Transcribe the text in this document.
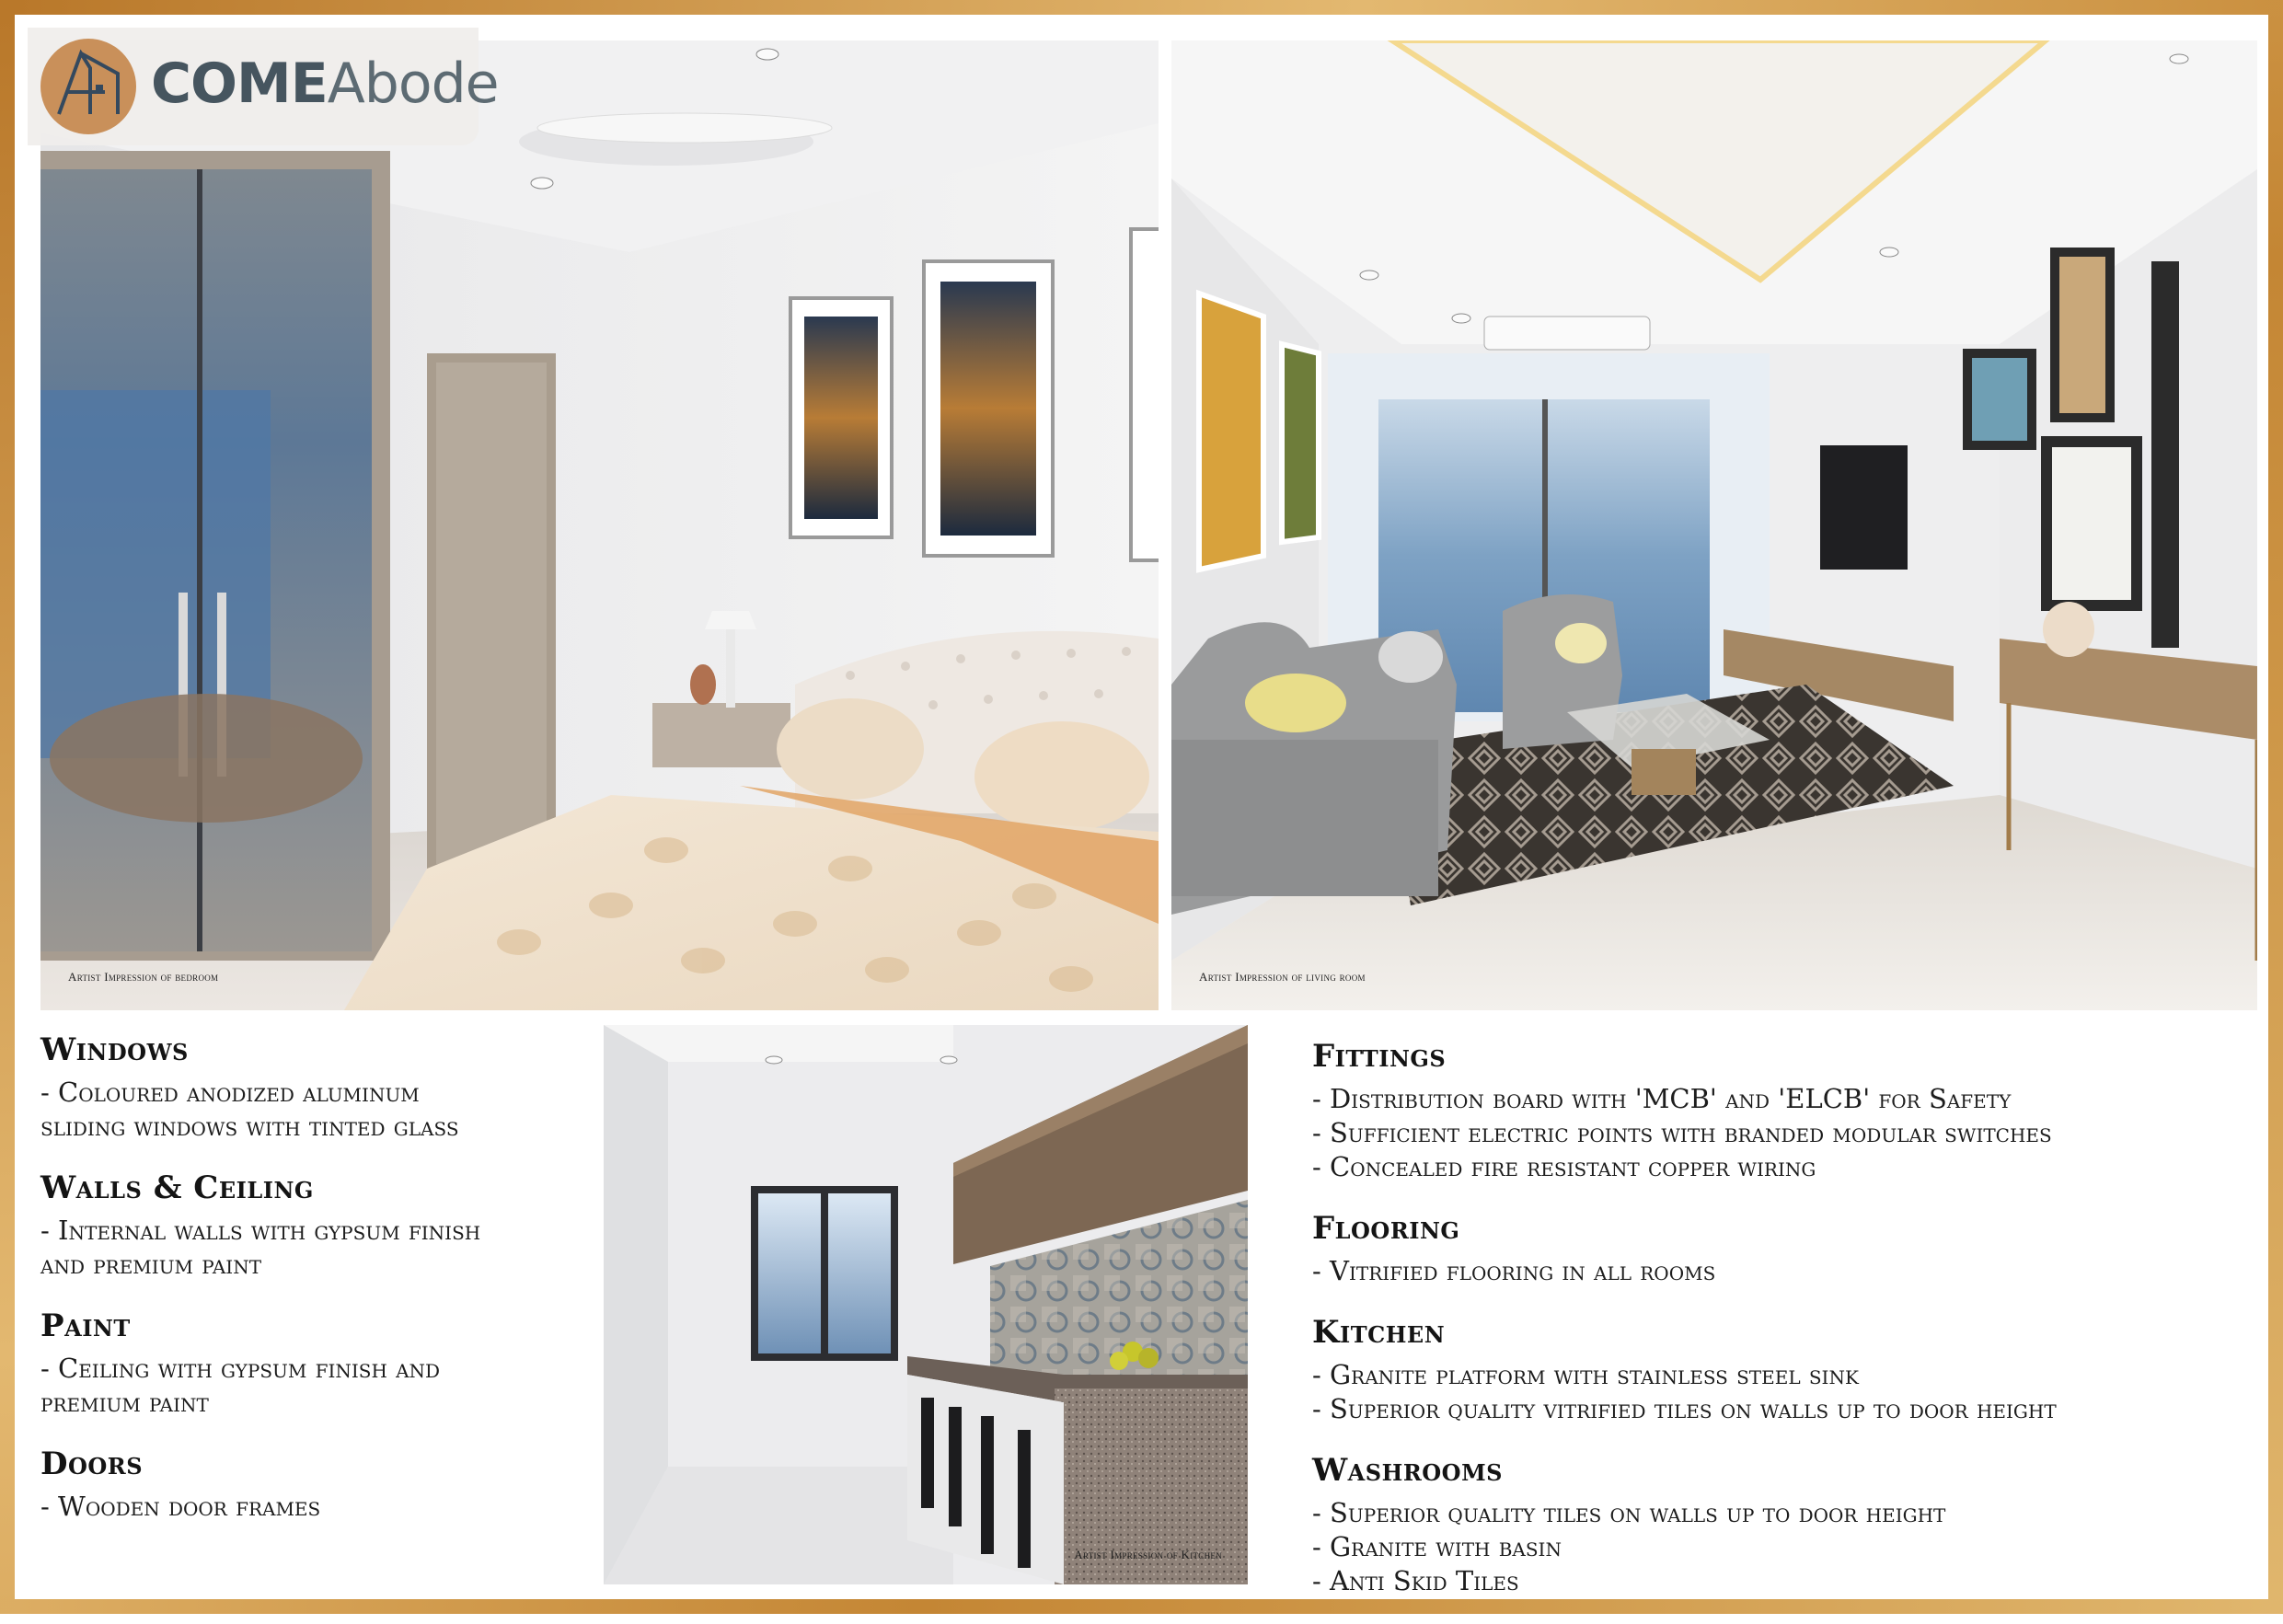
Artist Impression of bedroom
COMEAbode
Artist Impression of living room
Artist Impression of Kitchen
Windows
- Coloured anodized aluminum
sliding windows with tinted glass
Walls & Ceiling
- Internal walls with gypsum finish
and premium paint
Paint
- Ceiling with gypsum finish and
premium paint
Doors
- Wooden door frames
Fittings
- Distribution board with 'MCB' and 'ELCB' for Safety
- Sufficient electric points with branded modular switches
- Concealed fire resistant copper wiring
Flooring
- Vitrified flooring in all rooms
Kitchen
- Granite platform with stainless steel sink
- Superior quality vitrified tiles on walls up to door height
Washrooms
- Superior quality tiles on walls up to door height
- Granite with basin
- Anti Skid Tiles
